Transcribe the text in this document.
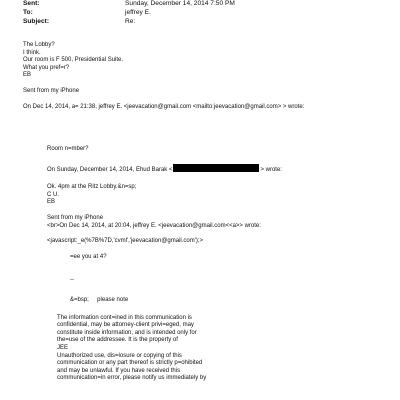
Sent:	Sunday, December 14, 2014 7:50 PM
To:	jeffrey E.
Subject:	Re:

The Lobby?

I think.

Our room is F 500, Presidential Suite.

What you pref=r?

EB

Sent from my iPhone

On Dec 14, 2014, a= 21:38, jeffrey E. <jeevacation@gmail.com <mailto:jeevacation@gmail.com> > wrote:

Room n=mber?

On Sunday, December 14, 2014, Ehud Barak <	> wrote:

Ok. 4pm at the Ritz Lobby.&n=sp;

C U.

EB

Sent from my iPhone

<br>On Dec 14, 2014, at 20:04, jeffrey E. <jeevacation@gmail.com<<a>> wrote:

<javascript:_e(%7B%7D,'cvml','jeevacation@gmail.com');>

=ee you at 4?

--

&=bsp;     please note

The information cont=ined in this communication is

confidential, may be attorney-client privi=eged, may

constitute inside information, and is intended only for

the=use of the addressee. It is the property of

JEE

Unauthorized use, dis=losure or copying of this

communication or any part thereof is strictly p=ohibited

and may be unlawful. If you have received this

communication=in error, please notify us immediately by
